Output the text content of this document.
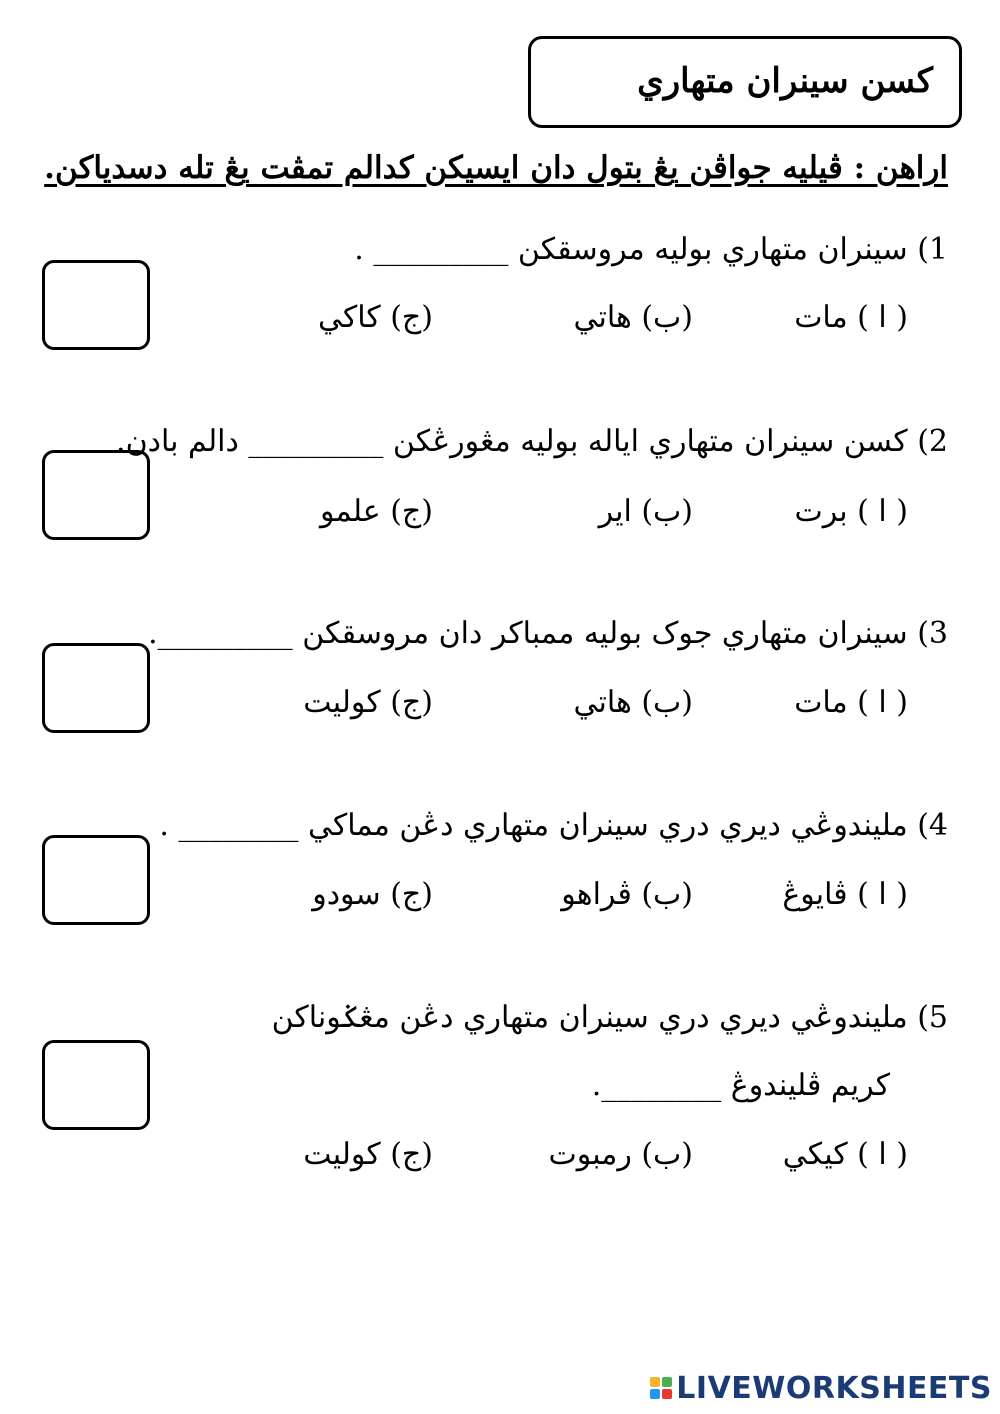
كسن سينران متهاري
اراهن : ڤيليه جواڤن يڠ بتول دان ايسيكن كدالم تمڤت يڠ تله دسدياكن.
1) سينران متهاري بوليه مروسقكن _________ .
( ا ) مات
(ب) هاتي
(ج) كاكي
2) كسن سينران متهاري اياله بوليه مڠورڠكن _________ دالم بادن.
( ا ) برت
(ب) اير
(ج) علمو
3) سينران متهاري جوک بوليه ممباكر دان مروسقكن _________.
( ا ) مات
(ب) هاتي
(ج) كوليت
4) مليندوڠي ديري دري سينران متهاري دڠن مماكي ________ .
( ا ) ڤايوڠ
(ب) ڤراهو
(ج) سودو
5) مليندوڠي ديري دري سينران متهاري دڠن مڠݢوناكن
كريم ڤليندوڠ ________.
( ا ) كيكي
(ب) رمبوت
(ج) كوليت
LIVEWORKSHEETS
